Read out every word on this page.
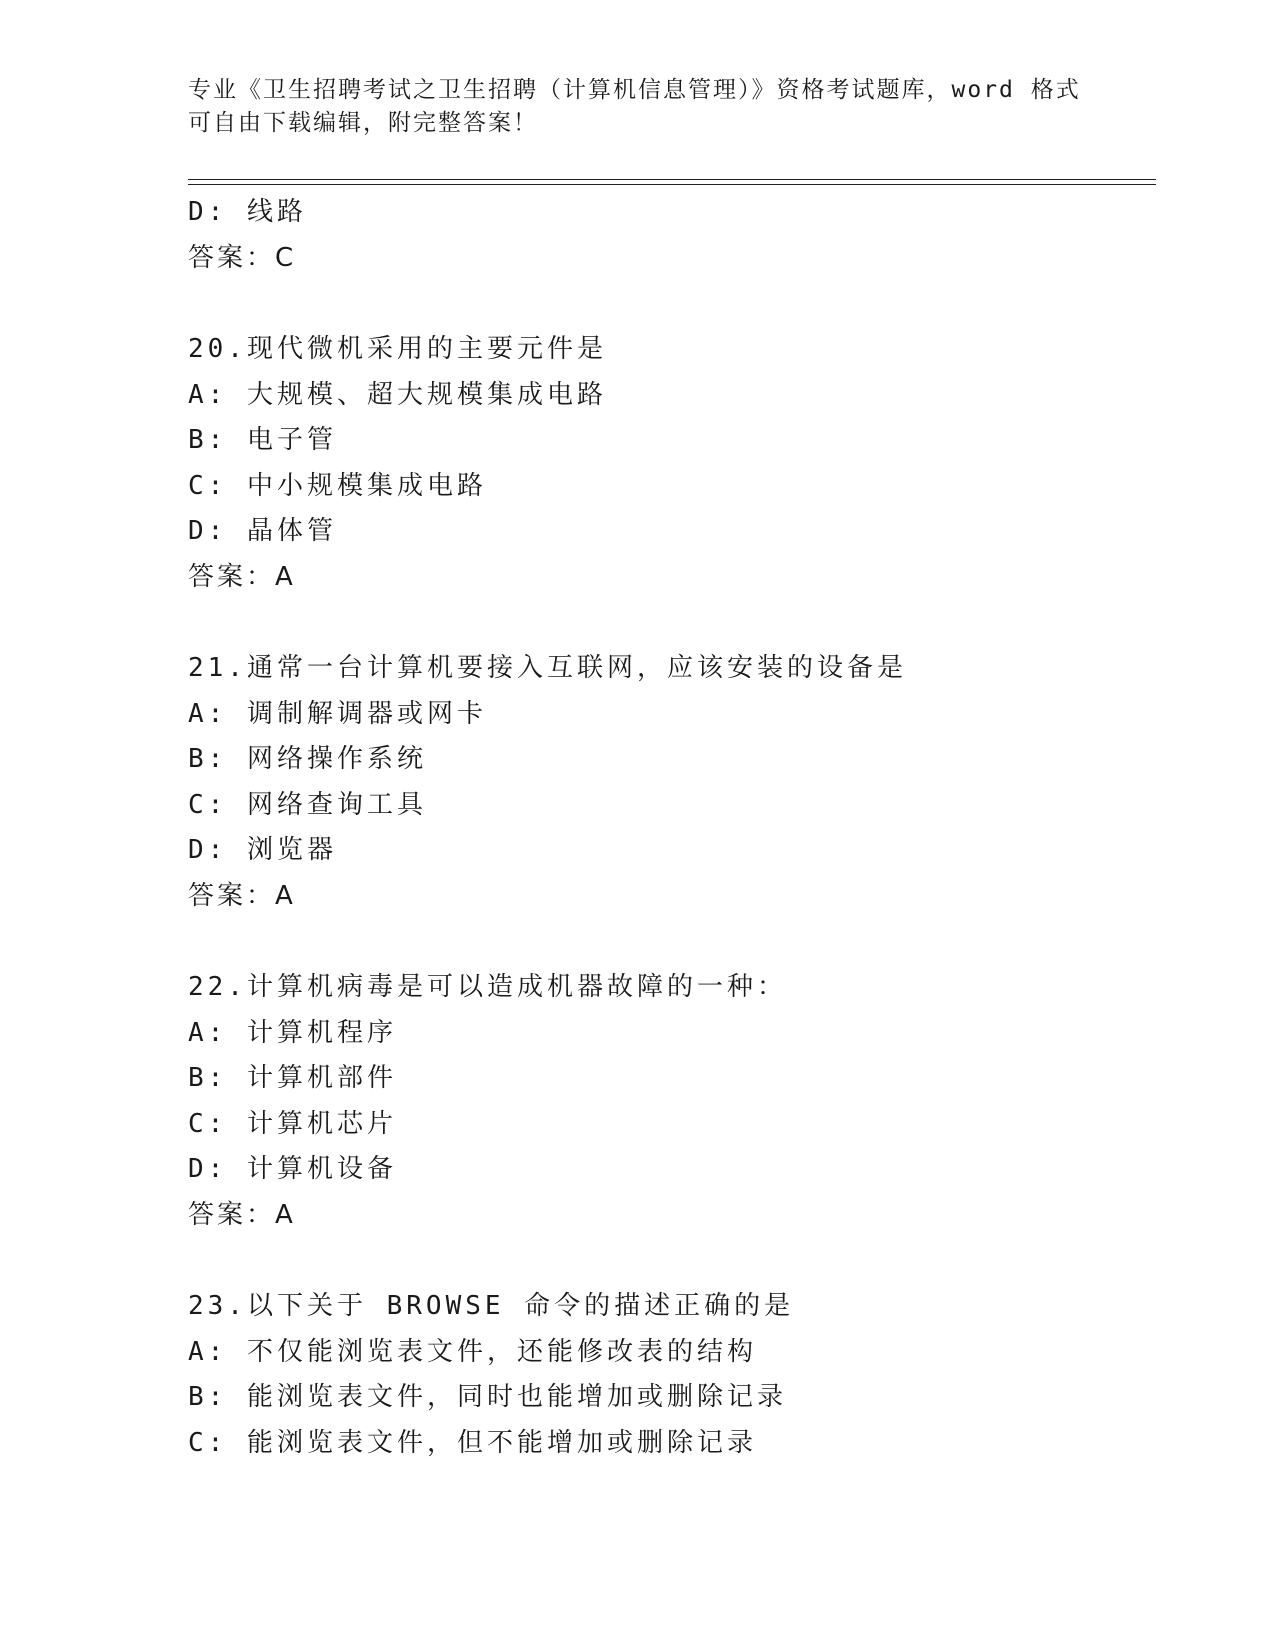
专业《卫生招聘考试之卫生招聘（计算机信息管理）》资格考试题库，word 格式
可自由下载编辑，附完整答案！
D: 线路
答案：C
20.现代微机采用的主要元件是
A: 大规模、超大规模集成电路
B: 电子管
C: 中小规模集成电路
D: 晶体管
答案：A
21.通常一台计算机要接入互联网，应该安装的设备是
A: 调制解调器或网卡
B: 网络操作系统
C: 网络查询工具
D: 浏览器
答案：A
22.计算机病毒是可以造成机器故障的一种：
A: 计算机程序
B: 计算机部件
C: 计算机芯片
D: 计算机设备
答案：A
23.以下关于 BROWSE 命令的描述正确的是
A: 不仅能浏览表文件，还能修改表的结构
B: 能浏览表文件，同时也能增加或删除记录
C: 能浏览表文件，但不能增加或删除记录
